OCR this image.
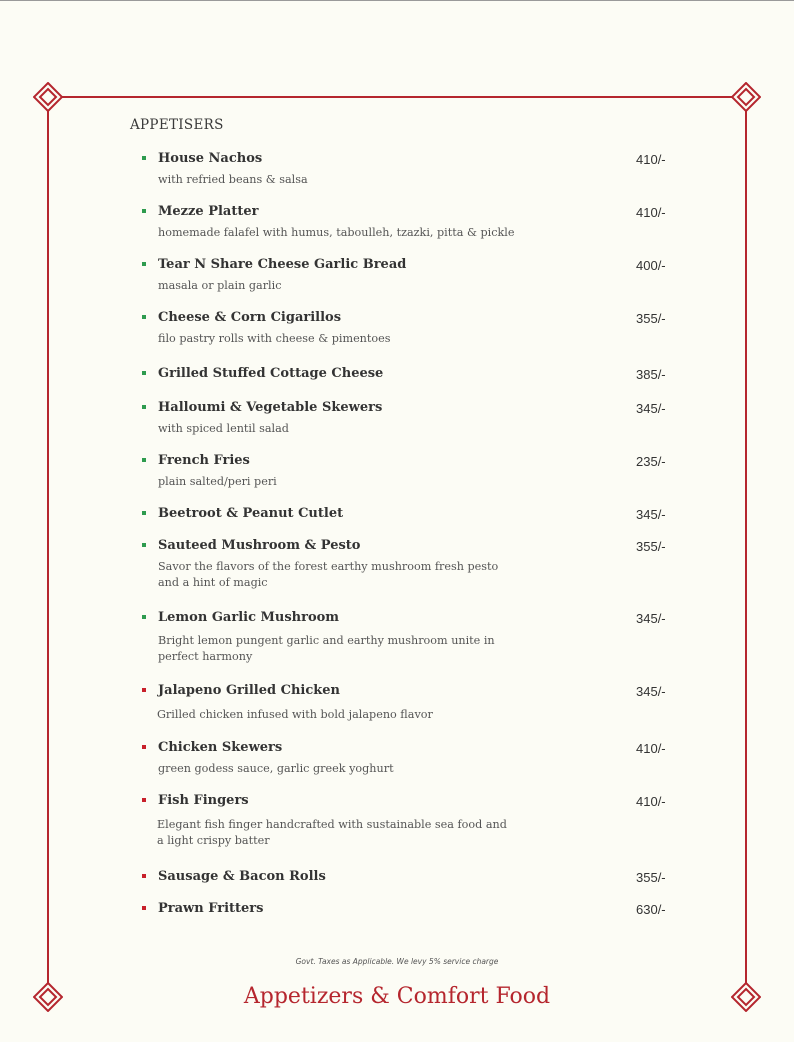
APPETISERS
House Nachos	410/-
with refried beans & salsa
Mezze Platter	410/-
homemade falafel with humus, taboulleh, tzazki, pitta & pickle
Tear N Share Cheese Garlic Bread	400/-
masala or plain garlic
Cheese & Corn Cigarillos	355/-
filo pastry rolls with cheese & pimentoes
Grilled Stuffed Cottage Cheese	385/-
Halloumi & Vegetable Skewers	345/-
with spiced lentil salad
French Fries	235/-
plain salted/peri peri
Beetroot & Peanut Cutlet	345/-
Sauteed Mushroom & Pesto	355/-
Savor the flavors of the forest earthy mushroom fresh pesto and a hint of magic
Lemon Garlic Mushroom	345/-
Bright lemon pungent garlic and earthy mushroom unite in perfect harmony
Jalapeno Grilled Chicken	345/-
Grilled chicken infused with bold jalapeno flavor
Chicken Skewers	410/-
green godess sauce, garlic greek yoghurt
Fish Fingers	410/-
Elegant fish finger handcrafted with sustainable sea food and a light crispy batter
Sausage & Bacon Rolls	355/-
Prawn Fritters	630/-
Govt. Taxes as Applicable. We levy 5% service charge
Appetizers & Comfort Food
